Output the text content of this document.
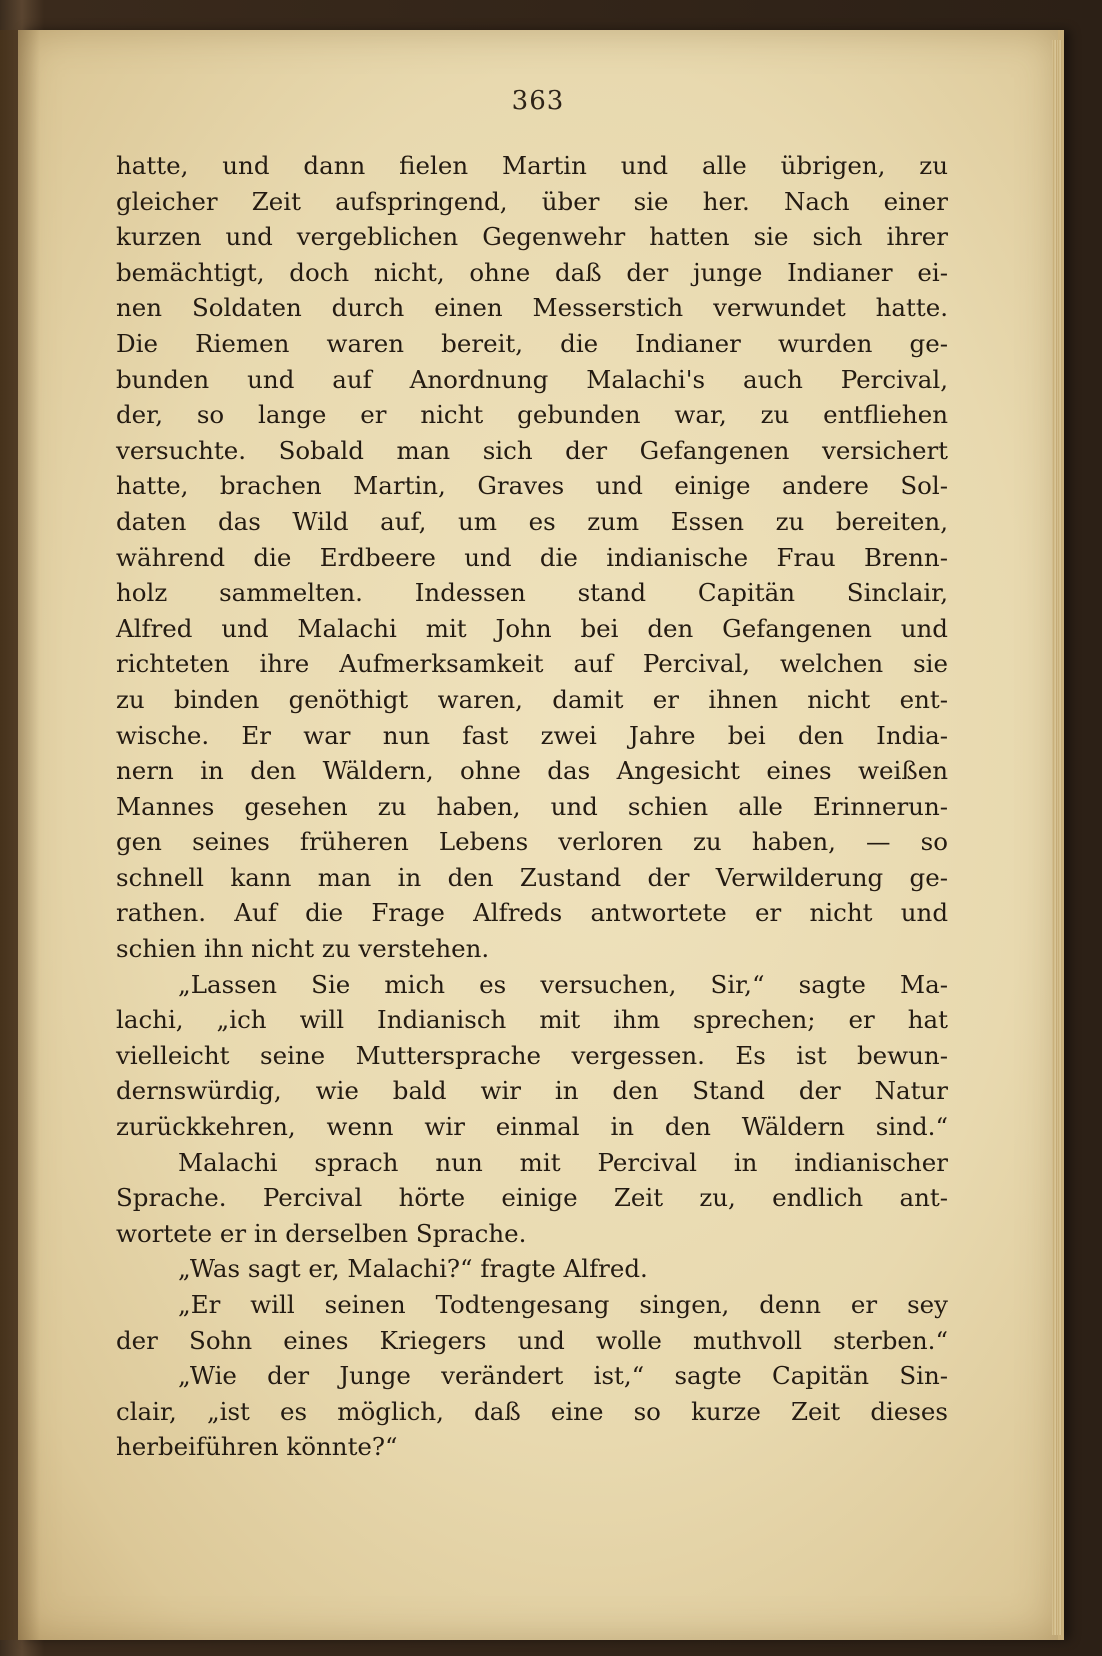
363
hatte, und dann fielen Martin und alle übrigen, zu
gleicher Zeit aufspringend, über sie her. Nach einer
kurzen und vergeblichen Gegenwehr hatten sie sich ihrer
bemächtigt, doch nicht, ohne daß der junge Indianer ei-
nen Soldaten durch einen Messerstich verwundet hatte.
Die Riemen waren bereit, die Indianer wurden ge-
bunden und auf Anordnung Malachi's auch Percival,
der, so lange er nicht gebunden war, zu entfliehen
versuchte. Sobald man sich der Gefangenen versichert
hatte, brachen Martin, Graves und einige andere Sol-
daten das Wild auf, um es zum Essen zu bereiten,
während die Erdbeere und die indianische Frau Brenn-
holz sammelten. Indessen stand Capitän Sinclair,
Alfred und Malachi mit John bei den Gefangenen und
richteten ihre Aufmerksamkeit auf Percival, welchen sie
zu binden genöthigt waren, damit er ihnen nicht ent-
wische. Er war nun fast zwei Jahre bei den India-
nern in den Wäldern, ohne das Angesicht eines weißen
Mannes gesehen zu haben, und schien alle Erinnerun-
gen seines früheren Lebens verloren zu haben, — so
schnell kann man in den Zustand der Verwilderung ge-
rathen. Auf die Frage Alfreds antwortete er nicht und
schien ihn nicht zu verstehen.
„Lassen Sie mich es versuchen, Sir,“ sagte Ma-
lachi, „ich will Indianisch mit ihm sprechen; er hat
vielleicht seine Muttersprache vergessen. Es ist bewun-
dernswürdig, wie bald wir in den Stand der Natur
zurückkehren, wenn wir einmal in den Wäldern sind.“
Malachi sprach nun mit Percival in indianischer
Sprache. Percival hörte einige Zeit zu, endlich ant-
wortete er in derselben Sprache.
„Was sagt er, Malachi?“ fragte Alfred.
„Er will seinen Todtengesang singen, denn er sey
der Sohn eines Kriegers und wolle muthvoll sterben.“
„Wie der Junge verändert ist,“ sagte Capitän Sin-
clair, „ist es möglich, daß eine so kurze Zeit dieses
herbeiführen könnte?“
